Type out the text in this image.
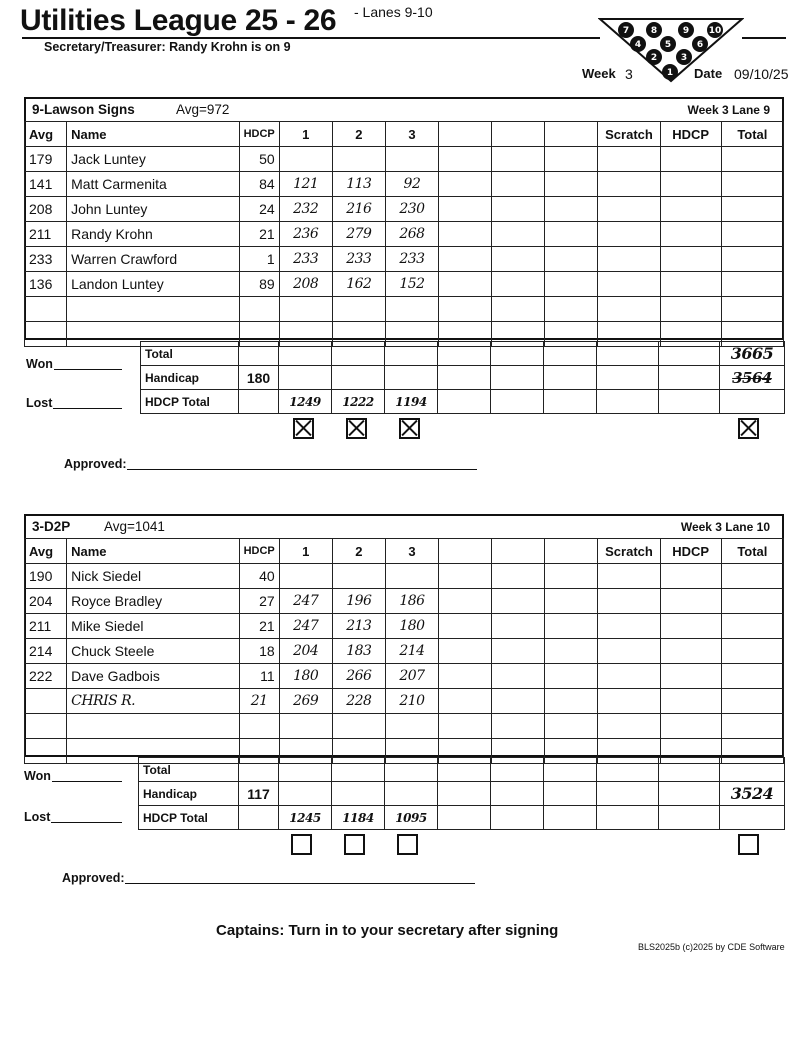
Utilities League 25 - 26 - Lanes 9-10
Secretary/Treasurer: Randy Krohn is on 9
7 8	9 10
4	5	6
2	3
1
Week 3	Date 09/10/25
9-Lawson Signs	Avg=972	Week 3 Lane 9
Avg	Name	HDCP	1	2	3				Scratch	HDCP	Total
179	Jack Luntey	50									
141	Matt Carmenita	84	121	113	92						
208	John Luntey	24	232	216	230						
211	Randy Krohn	21	236	279	268						
233	Warren Crawford	1	233	233	233						
136	Landon Luntey	89	208	162	152						

Won
Lost
Total										3665
Handicap	180									3564
HDCP Total		1249	1222	1194						
Approved:
3-D2P Avg=1041	Week 3 Lane 10
Avg	Name	HDCP	1	2	3				Scratch	HDCP	Total
190	Nick Siedel	40									
204	Royce Bradley	27	247	196	186						
211	Mike Siedel	21	247	213	180						
214	Chuck Steele	18	204	183	214						
222	Dave Gadbois	11	180	266	207						
	CHRIS R.	21	269	228	210						

Won
Lost
Total										
Handicap	117									3524
HDCP Total		1245	1184	1095						
Approved:
Captains: Turn in to your secretary after signing
BLS2025b (c)2025 by CDE Software
